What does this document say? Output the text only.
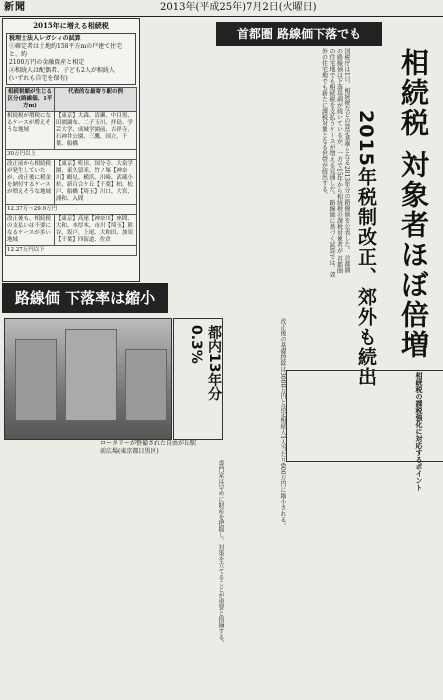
新聞	2013年(平成25年)7月2日(火曜日)
2015年に増える相続税
税理士法人レガシィの試算
①確定者は土地約158平方mの戸建て住宅と、約
2100万円の金融資産と相定
②相続人は配偶者、子ども2人が相続人
(いずれも自宅を保有)
相続税額が生じる区分(路線価、1平方m)	代表的な最寄り駅の例
相続税が増税になるケースが増えそうな地域	【東京】大森、清瀬、中目黒、田園調布、二子玉川、拝島、学芸大学、成城学園前、吉祥寺、石神井公園、三鷹、国立、千葉、船橋
30万円以上	
改正前から相続税が発生していたが、改正後に税金を納付するケースが増えそうな地域	【東京】町田、国分寺、大泉学園、東久留米、竹ノ塚【神奈川】鶴見、横浜、川崎、武蔵小杉、新百合ケ丘【千葉】柏、松戸、船橋【埼玉】川口、大宮、浦和、入間
12.37万～29.9万円	
改正後も、相続税の支払いは不要になるケースが多い地域	【東京】高尾【神奈川】座間、大和、本厚木、市川【埼玉】熊谷、坂戸、上尾、大和田、加須【千葉】四街道、佐倉
12.27万円以下	
首都圏 路線価下落でも
相続税 対象者ほぼ倍増
2015年税制改正、郊外も続出
国税庁は1日、相続税などの算定基準となる2013年分の路線価を公表した。 首都圏の路線価は下落基調が続いているが、一方で15年から相続税の課税対象者が 首都圏の住宅地でも相続税を支払うケースが増える見通しだ。 路線価に基づく試算では、郊外の住宅地でも新たに課税対象となる世帯が続出する。
路線価 下落率は縮小
ロータリーが整備された自由が丘駅前広場(東京都目黒区)
都内13年分0.3%	改正後の基礎控除は3000万円と法定相続人1人当たり600万円に縮小される。
専門家は早めに財産を把握し、対策を立てることが重要と指摘する。
相続税の課税強化に対応するポイント
